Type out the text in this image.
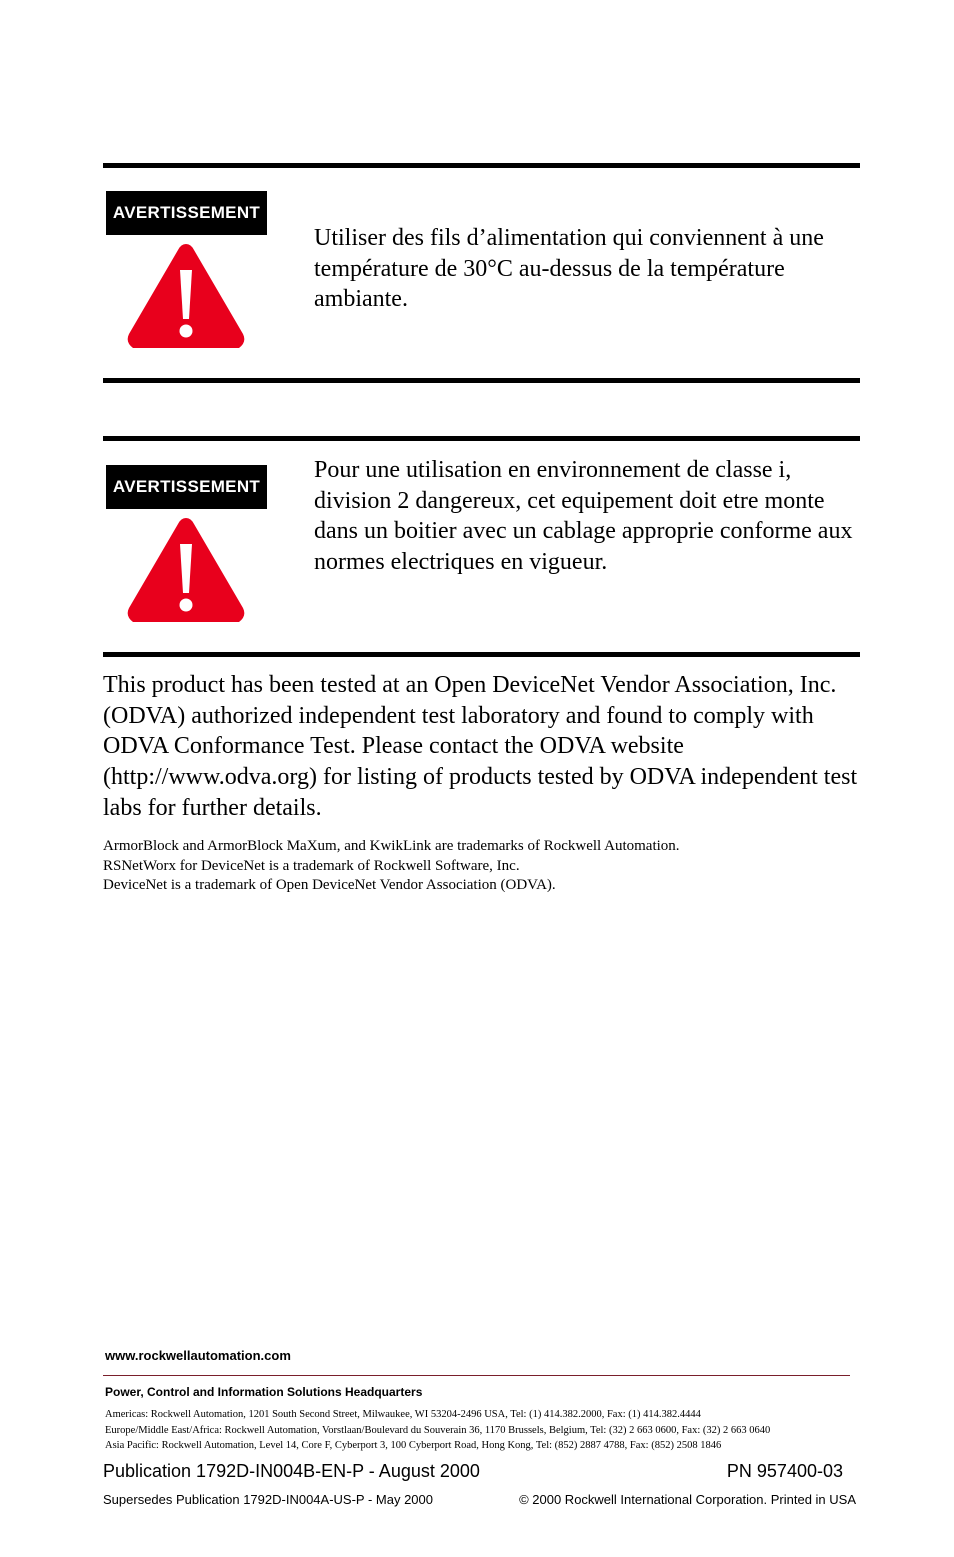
AVERTISSEMENT
Utiliser des fils d’alimentation qui conviennent à une température de 30°C au-dessus de la température ambiante.
AVERTISSEMENT
Pour une utilisation en environnement de classe i, division 2 dangereux, cet equipement doit etre monte dans un boitier avec un cablage approprie conforme aux normes electriques en vigueur.
This product has been tested at an Open DeviceNet Vendor Association, Inc. (ODVA) authorized independent test laboratory and found to comply with ODVA Conformance Test. Please contact the ODVA website (http://www.odva.org) for listing of products tested by ODVA independent test labs for further details.
ArmorBlock and ArmorBlock MaXum, and KwikLink are trademarks of Rockwell Automation.
RSNetWorx for DeviceNet is a trademark of Rockwell Software, Inc.
DeviceNet is a trademark of Open DeviceNet Vendor Association (ODVA).
www.rockwellautomation.com
Power, Control and Information Solutions Headquarters
Americas: Rockwell Automation, 1201 South Second Street, Milwaukee, WI 53204-2496 USA, Tel: (1) 414.382.2000, Fax: (1) 414.382.4444
Europe/Middle East/Africa: Rockwell Automation, Vorstlaan/Boulevard du Souverain 36, 1170 Brussels, Belgium, Tel: (32) 2 663 0600, Fax: (32) 2 663 0640
Asia Pacific: Rockwell Automation, Level 14, Core F, Cyberport 3, 100 Cyberport Road, Hong Kong, Tel: (852) 2887 4788, Fax: (852) 2508 1846
Publication 1792D-IN004B-EN-P - August 2000	PN 957400-03
Supersedes Publication 1792D-IN004A-US-P - May 2000	© 2000 Rockwell International Corporation. Printed in USA
